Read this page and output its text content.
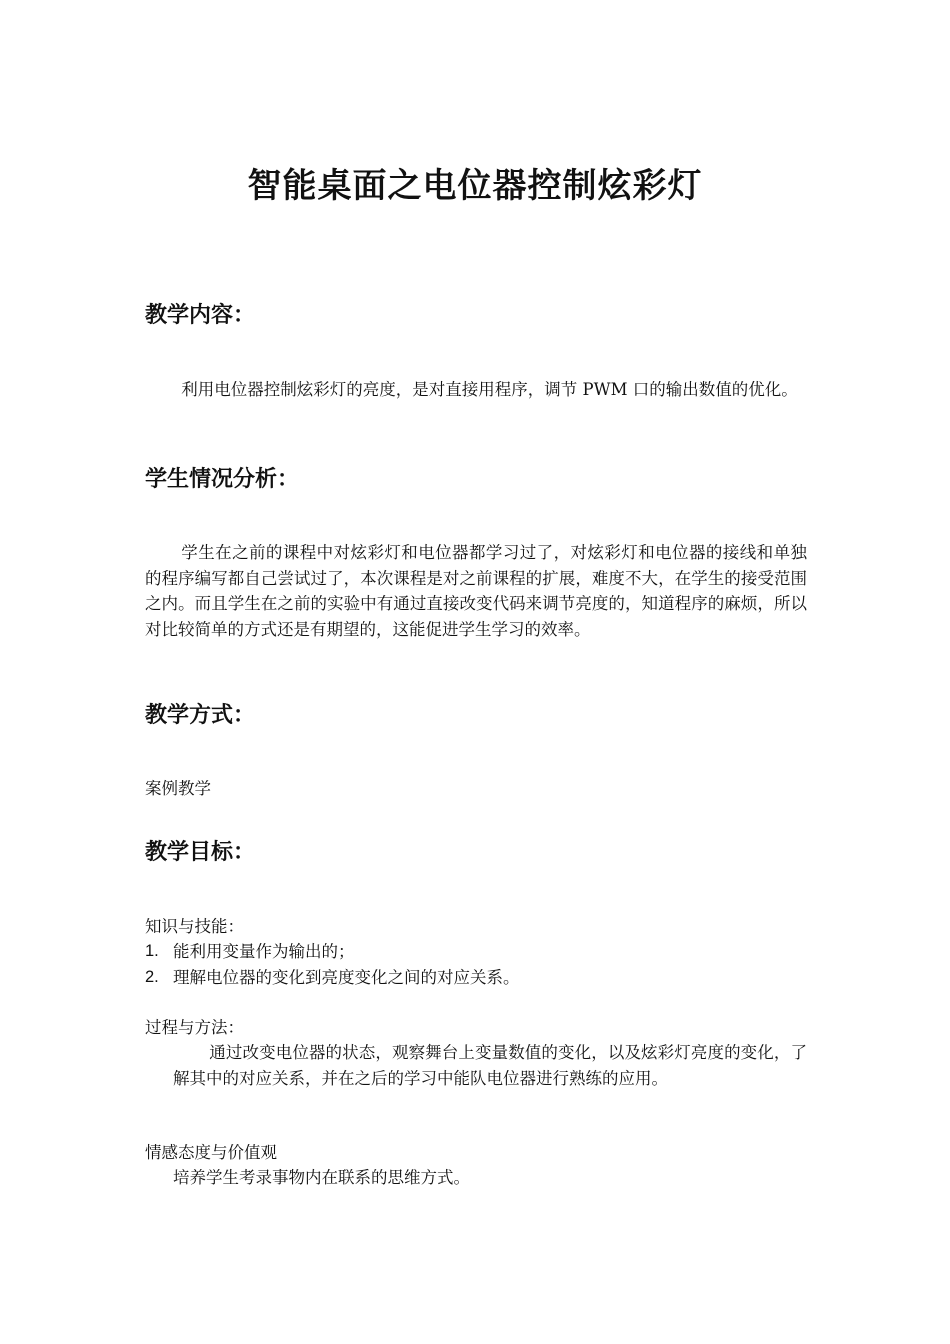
智能桌面之电位器控制炫彩灯
教学内容：

利用电位器控制炫彩灯的亮度，是对直接用程序，调节 PWM 口的输出数值的优化。

学生情况分析：

学生在之前的课程中对炫彩灯和电位器都学习过了，对炫彩灯和电位器的接线和单独的程序编写都自己尝试过了，本次课程是对之前课程的扩展，难度不大，在学生的接受范围之内。而且学生在之前的实验中有通过直接改变代码来调节亮度的，知道程序的麻烦，所以对比较简单的方式还是有期望的，这能促进学生学习的效率。

教学方式：

案例教学

教学目标：

知识与技能：

1. 能利用变量作为输出的；
2. 理解电位器的变化到亮度变化之间的对应关系。

过程与方法：

通过改变电位器的状态，观察舞台上变量数值的变化，以及炫彩灯亮度的变化，了解其中的对应关系，并在之后的学习中能队电位器进行熟练的应用。

情感态度与价值观

培养学生考录事物内在联系的思维方式。
